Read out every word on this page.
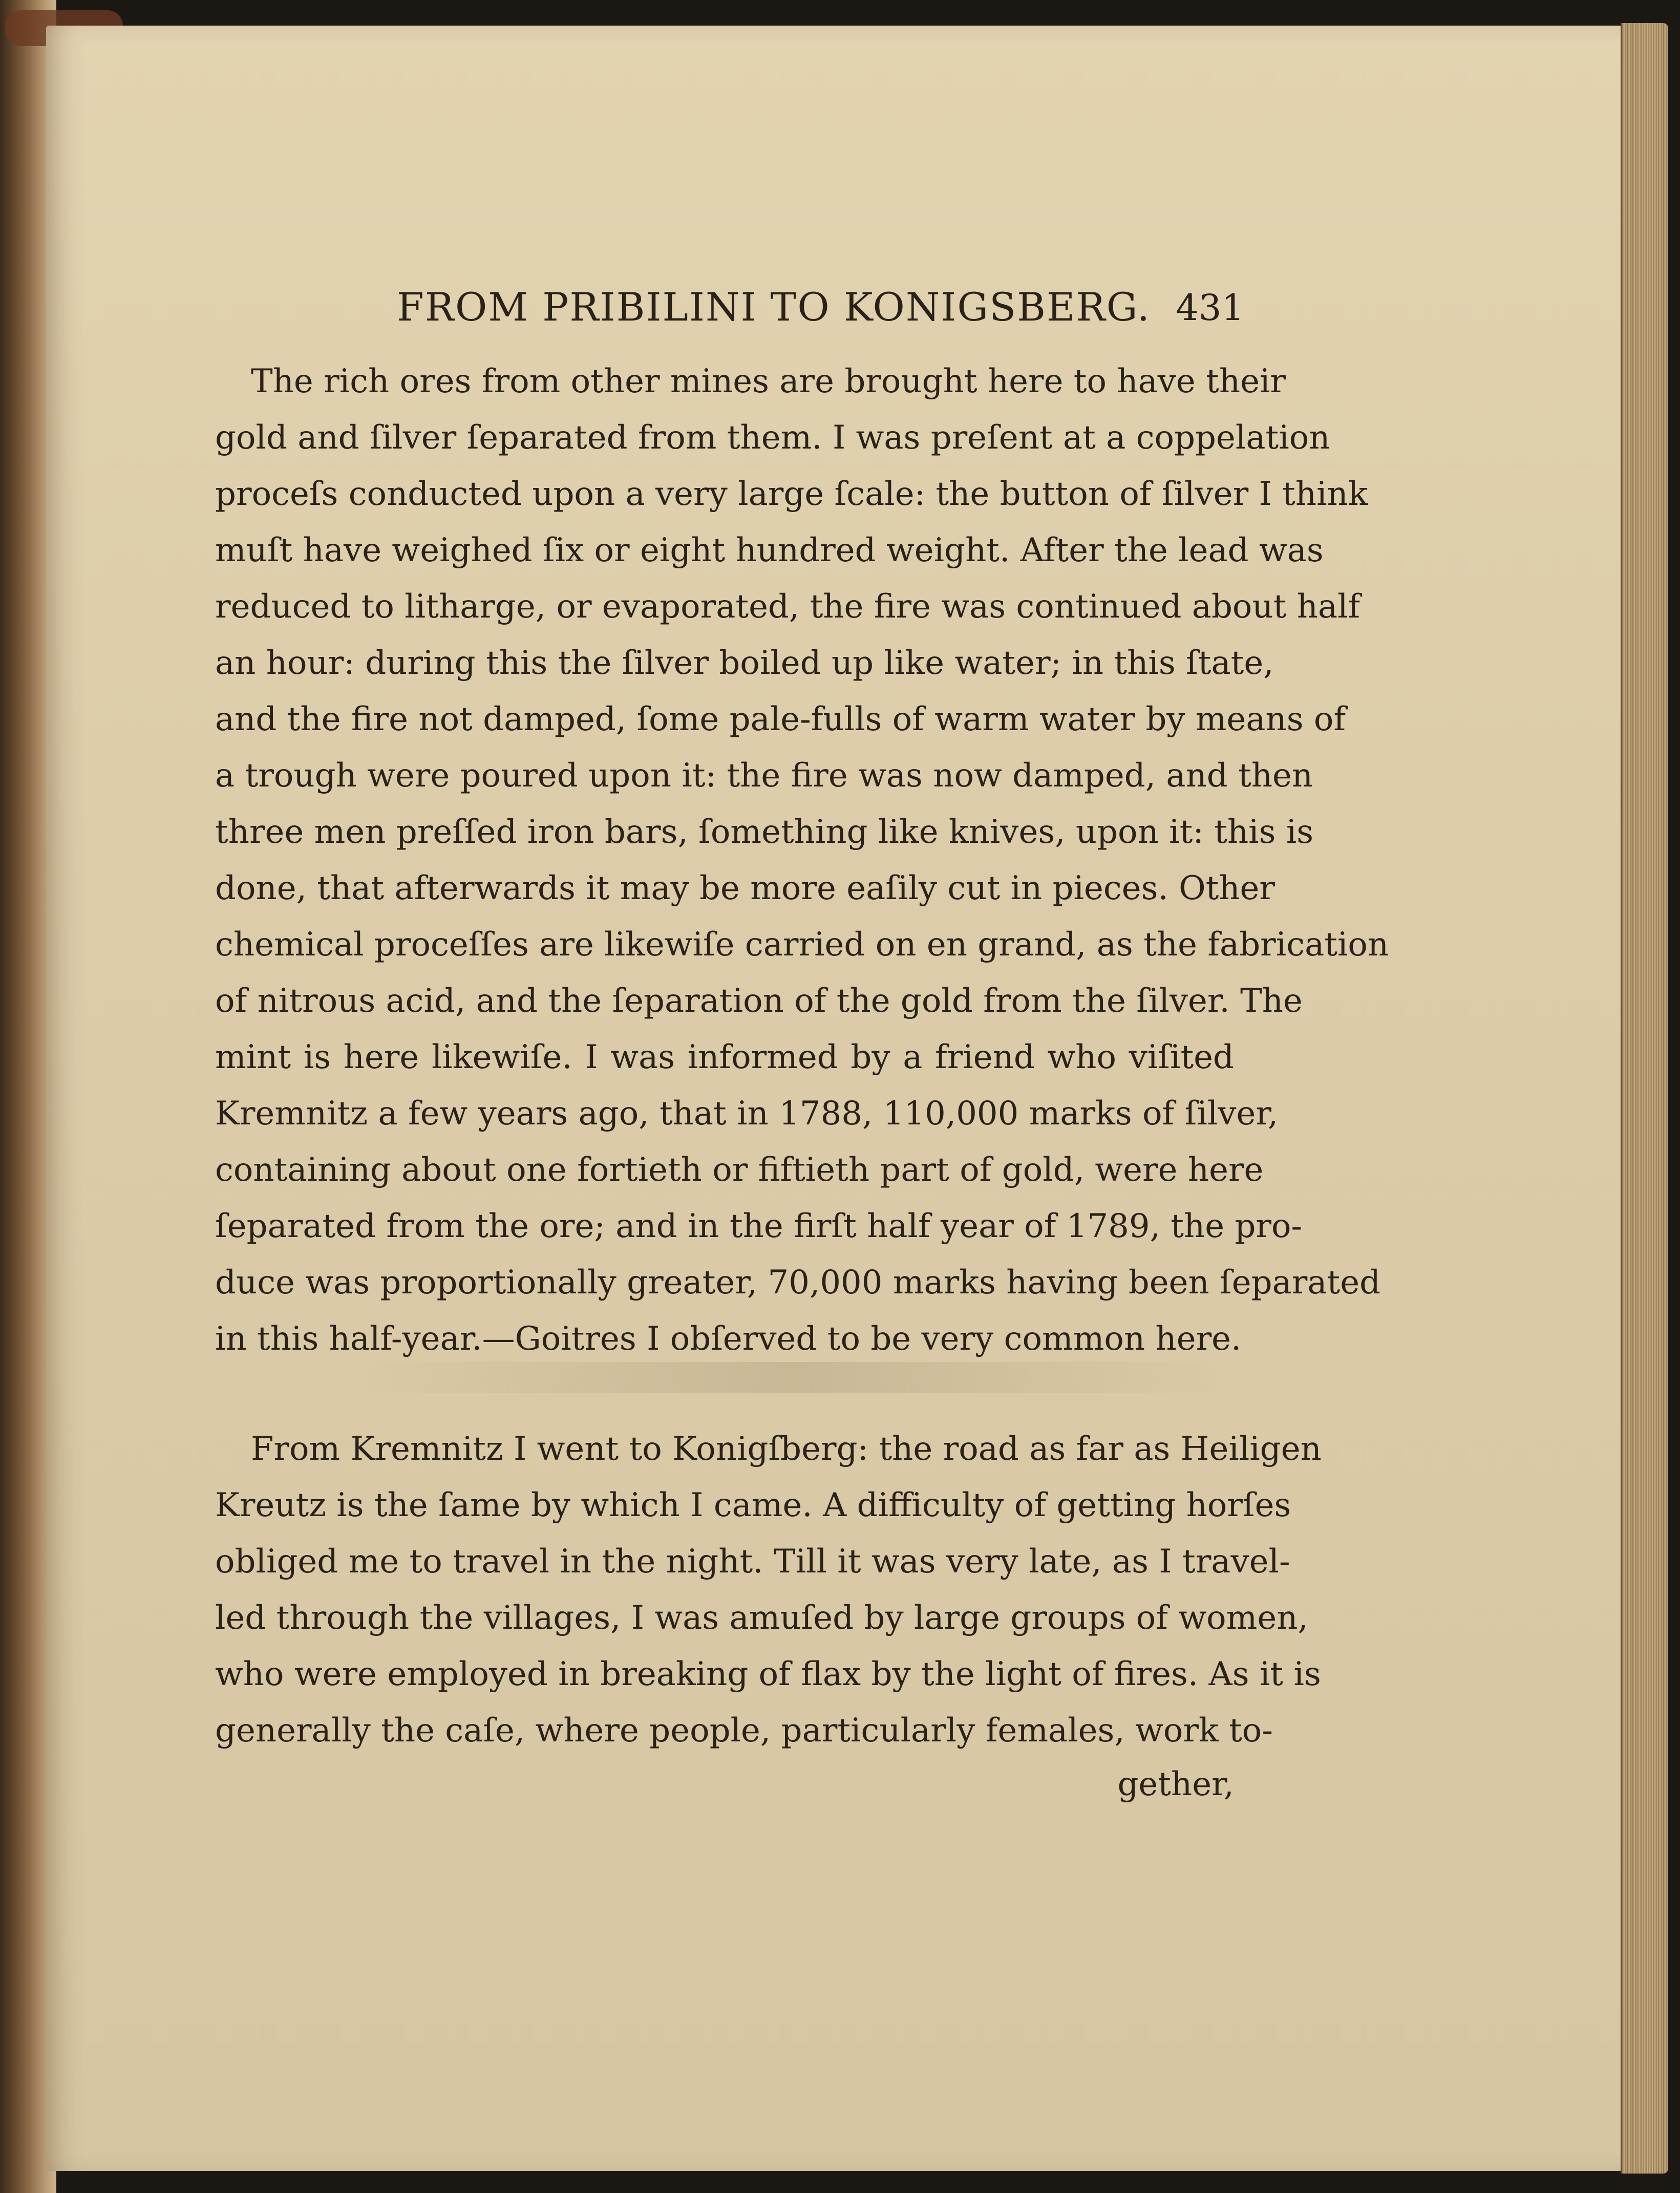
FROM PRIBILINI TO KONIGSBERG. 431
The rich ores from other mines are brought here to have their
gold and ſilver ſeparated from them. I was preſent at a coppelation
proceſs conducted upon a very large ſcale: the button of ſilver I think
muſt have weighed ſix or eight hundred weight. After the lead was
reduced to litharge, or evaporated, the fire was continued about half
an hour: during this the ſilver boiled up like water; in this ſtate,
and the fire not damped, ſome pale-fulls of warm water by means of
a trough were poured upon it: the fire was now damped, and then
three men preſſed iron bars, ſomething like knives, upon it: this is
done, that afterwards it may be more eaſily cut in pieces. Other
chemical proceſſes are likewiſe carried on en grand, as the fabrication
of nitrous acid, and the ſeparation of the gold from the ſilver. The
mint is here likewiſe. I was informed by a friend who viſited
Kremnitz a few years ago, that in 1788, 110,000 marks of ſilver,
containing about one fortieth or fiftieth part of gold, were here
ſeparated from the ore; and in the firſt half year of 1789, the pro-
duce was proportionally greater, 70,000 marks having been ſeparated
in this half-year.—Goitres I obſerved to be very common here.
From Kremnitz I went to Konigſberg: the road as far as Heiligen
Kreutz is the ſame by which I came. A difficulty of getting horſes
obliged me to travel in the night. Till it was very late, as I travel-
led through the villages, I was amuſed by large groups of women,
who were employed in breaking of flax by the light of fires. As it is
generally the caſe, where people, particularly females, work to-
gether,
